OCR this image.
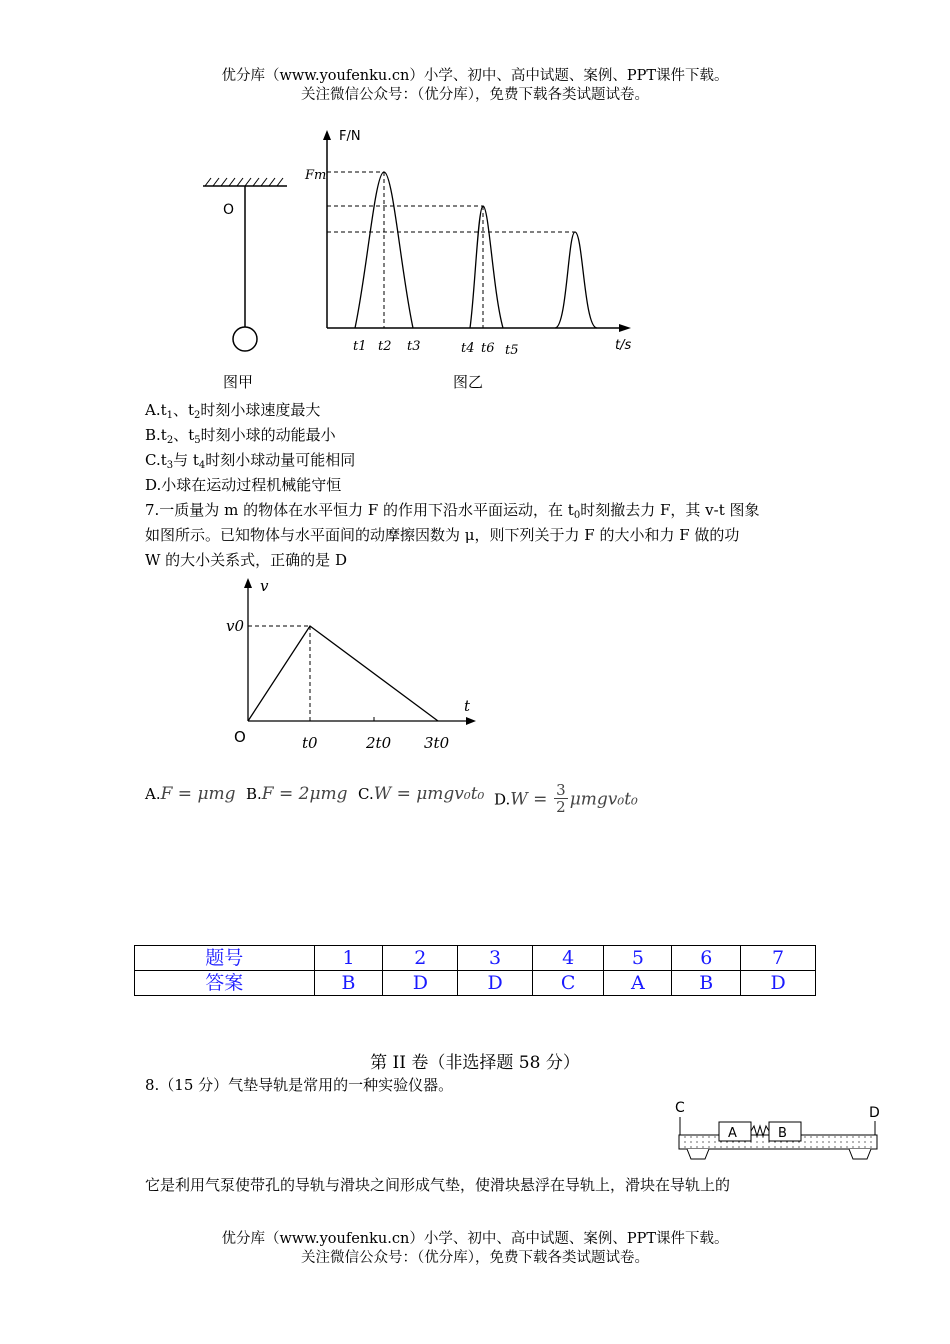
优分库（www.youfenku.cn）小学、初中、高中试题、案例、PPT课件下载。
关注微信公众号：（优分库），免费下载各类试题试卷。
O
图甲
F/N
t/s
Fm
t1 t2 t3	t4 t6 t5
图乙
$A.t_1$、$t_2$时刻小球速度最大
$B.t_2$、$t_5$时刻小球的动能最小
$C.t_3$与 $t_4$时刻小球动量可能相同
D.小球在运动过程机械能守恒
7.一质量为 m 的物体在水平恒力 F 的作用下沿水平面运动，在 $t_0$时刻撤去力 F，其 v-t 图象
如图所示。已知物体与水平面间的动摩擦因数为 μ，则下列关于力 F 的大小和力 F 做的功
W 的大小关系式，正确的是 D
v
t
O
v0
t0	2t0 3t0
A.F = μmg B.F = 2μmg C.W = μmgv₀t₀ $D.W = \frac{3}{2} \mu mgv_0t_0$
题号	1	2	3	4	5	6	7
答案	B	D	D	C	A	B	D
第 II 卷（非选择题 58 分）
8.（15 分）气垫导轨是常用的一种实验仪器。
C	D
A	B
它是利用气泵使带孔的导轨与滑块之间形成气垫，使滑块悬浮在导轨上，滑块在导轨上的
优分库（www.youfenku.cn）小学、初中、高中试题、案例、PPT课件下载。
关注微信公众号：（优分库），免费下载各类试题试卷。
